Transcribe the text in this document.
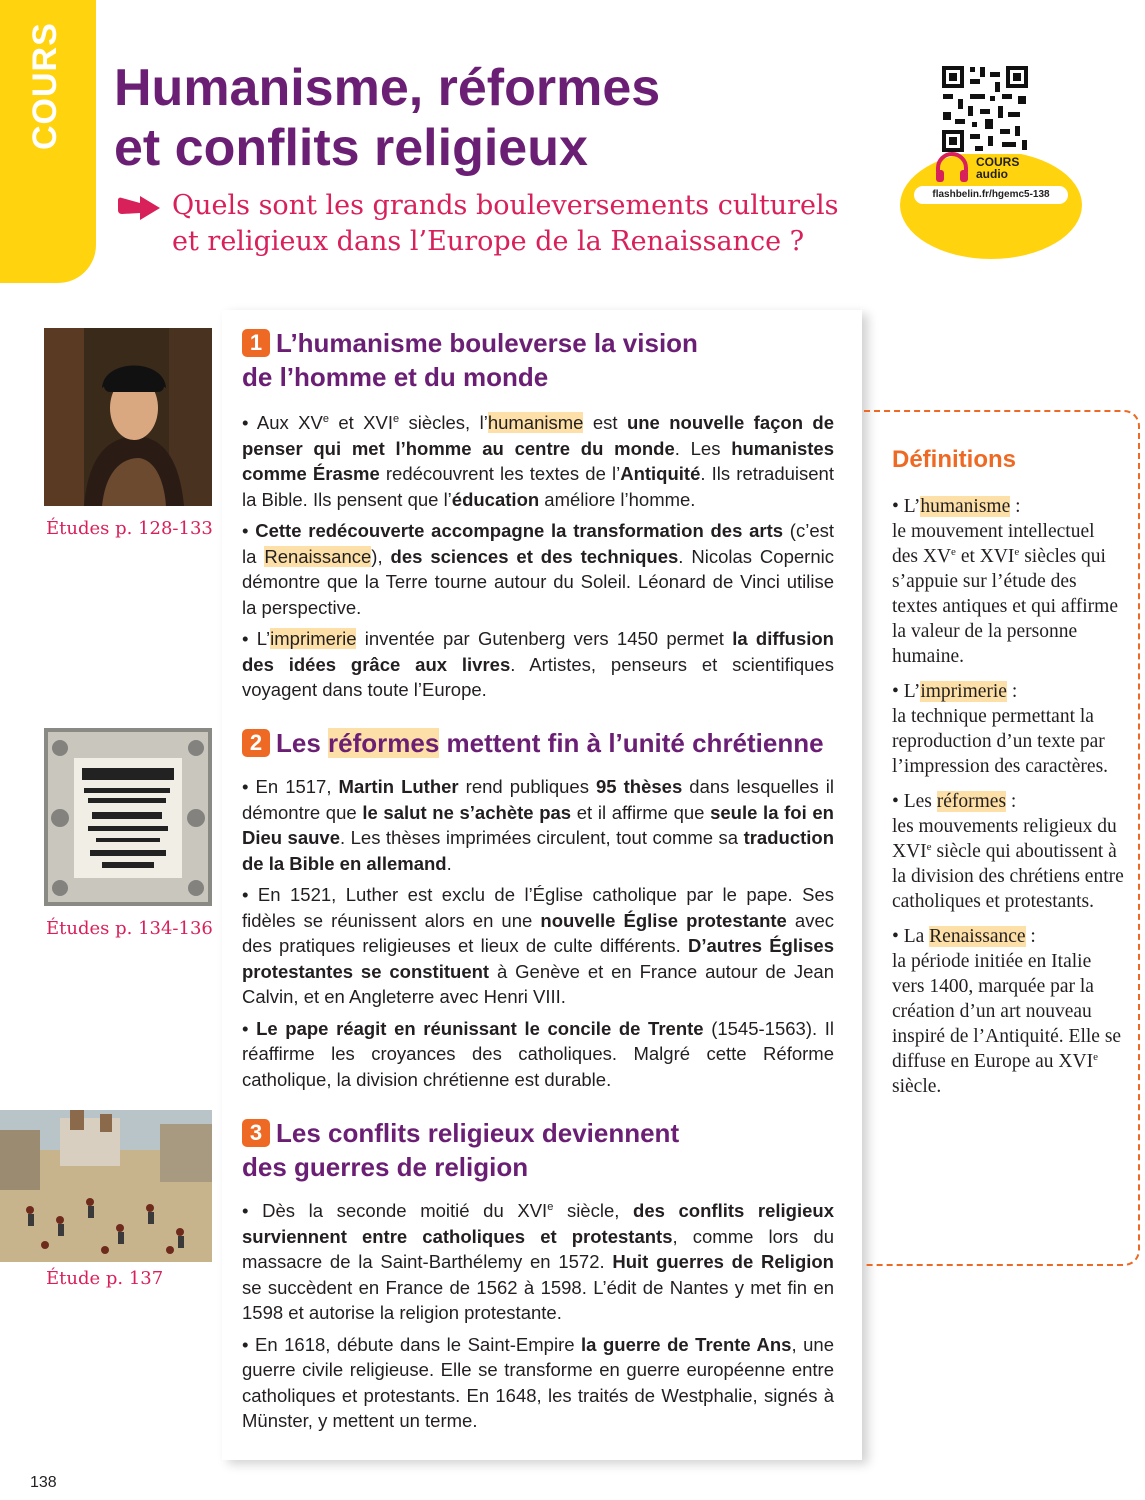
COURS Humanisme, réformes
et conflits religieux
Quels sont les grands bouleversements culturels
et religieux dans l’Europe de la Renaissance ?
COURS
audio
flashbelin.fr/hgemc5-138
Études p. 128-133
Études p. 134-136
Étude p. 137
1 L’humanisme bouleverse la vision
de l’homme et du monde

• Aux XVe et XVIe siècles, l’humanisme est une nouvelle façon de penser qui met l’homme au centre du monde. Les humanistes comme Érasme redécouvrent les textes de l’Antiquité. Ils retraduisent la Bible. Ils pensent que l’éducation améliore l’homme.

• Cette redécouverte accompagne la transformation des arts (c’est la Renaissance), des sciences et des techniques. Nicolas Copernic démontre que la Terre tourne autour du Soleil. Léonard de Vinci utilise la perspective.

• L’imprimerie inventée par Gutenberg vers 1450 permet la diffusion des idées grâce aux livres. Artistes, penseurs et scientifiques voyagent dans toute l’Europe.

2 Les réformes mettent fin à l’unité chrétienne

• En 1517, Martin Luther rend publiques 95 thèses dans lesquelles il démontre que le salut ne s’achète pas et il affirme que seule la foi en Dieu sauve. Les thèses imprimées circulent, tout comme sa traduction de la Bible en allemand.

• En 1521, Luther est exclu de l’Église catholique par le pape. Ses fidèles se réunissent alors en une nouvelle Église protestante avec des pratiques religieuses et lieux de culte différents. D’autres Églises protestantes se constituent à Genève et en France autour de Jean Calvin, et en Angleterre avec Henri VIII.

• Le pape réagit en réunissant le concile de Trente (1545-1563). Il réaffirme les croyances des catholiques. Malgré cette Réforme catholique, la division chrétienne est durable.

3 Les conflits religieux deviennent
des guerres de religion

• Dès la seconde moitié du XVIe siècle, des conflits religieux surviennent entre catholiques et protestants, comme lors du massacre de la Saint-Barthélemy en 1572. Huit guerres de Religion se succèdent en France de 1562 à 1598. L’édit de Nantes y met fin en 1598 et autorise la religion protestante.

• En 1618, débute dans le Saint-Empire la guerre de Trente Ans, une guerre civile religieuse. Elle se transforme en guerre européenne entre catholiques et protestants. En 1648, les traités de Westphalie, signés à Münster, y mettent un terme.

Définitions
• L’humanisme :
le mouvement intellectuel des XVe et XVIe siècles qui s’appuie sur l’étude des textes antiques et qui affirme la valeur de la personne humaine.
• L’imprimerie :
la technique permettant la reproduction d’un texte par l’impression des caractères.
• Les réformes :
les mouvements religieux du XVIe siècle qui aboutissent à la division des chrétiens entre catholiques et protestants.
• La Renaissance :
la période initiée en Italie vers 1400, marquée par la création d’un art nouveau inspiré de l’Antiquité. Elle se diffuse en Europe au XVIe siècle.
138
